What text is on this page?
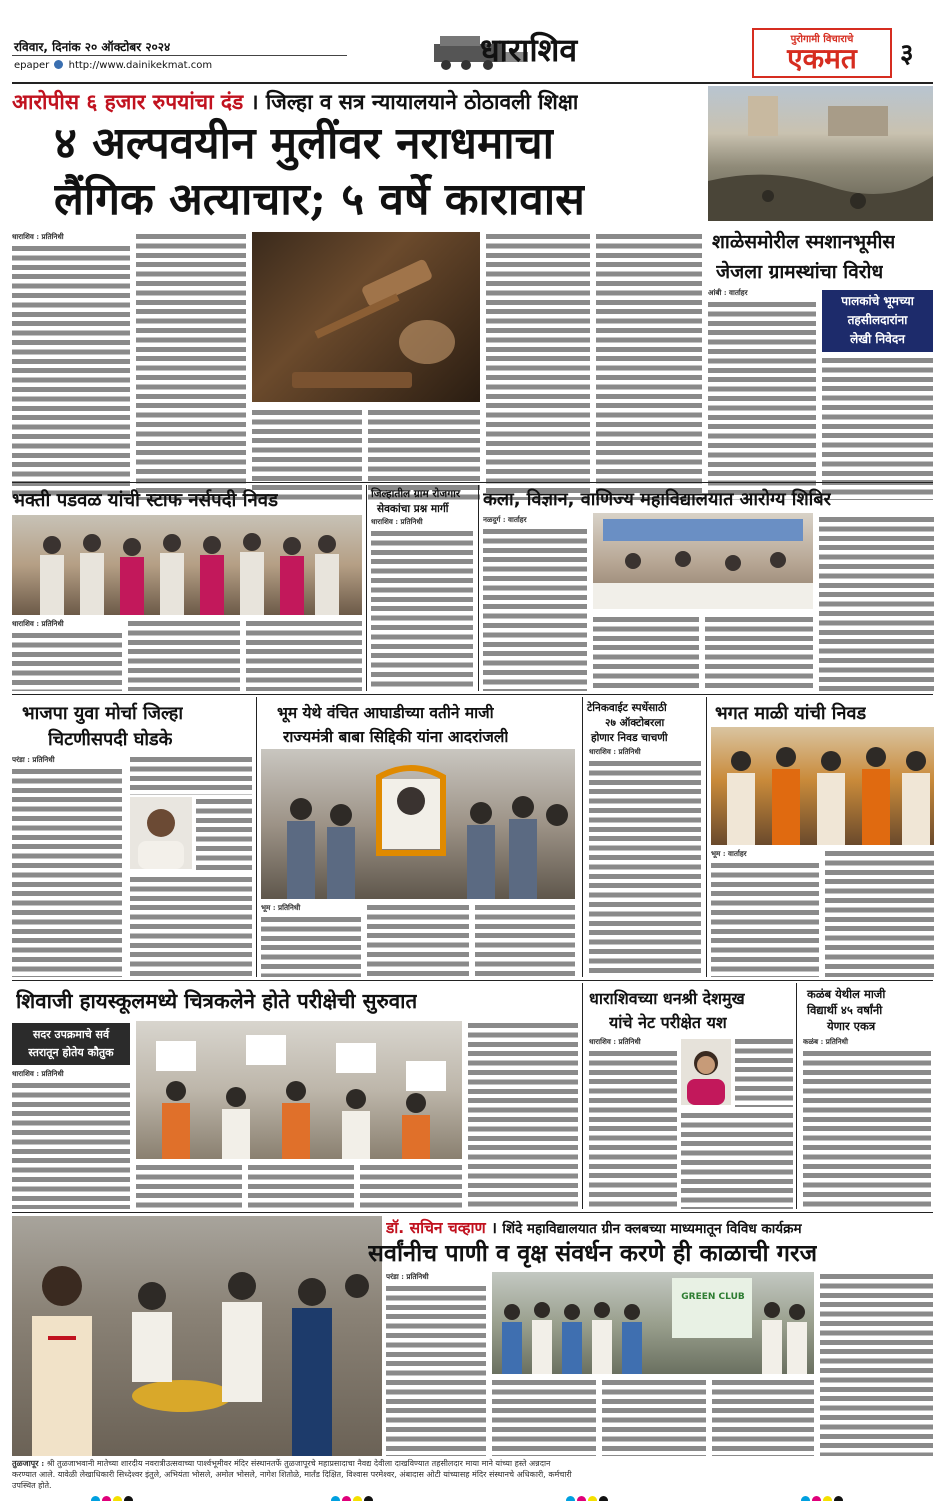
रविवार, दिनांक २० ऑक्टोबर २०२४
epaper http://www.dainikekmat.com	धाराशिव	पुरोगामी विचाराचे
एकमत	३
आरोपीस ६ हजार रुपयांचा दंड । जिल्हा व सत्र न्यायालयाने ठोठावली शिक्षा
४ अल्पवयीन मुलींवर नराधमाचा
लैंगिक अत्याचार; ५ वर्षे कारावास
धाराशिव : प्रतिनिधी	शाळेसमोरील स्मशानभूमीस
जेजला ग्रामस्थांचा विरोध
आंबी : वार्ताहर
पालकांचे भूमच्या
तहसीलदारांना
लेखी निवेदन
भक्ती पडवळ यांची स्टाफ नर्सपदी निवड
धाराशिव : प्रतिनिधी
जिल्हातील ग्राम रोजगार
सेवकांचा प्रश्न मार्गी
धाराशिव : प्रतिनिधी
कला, विज्ञान, वाणिज्य महाविद्यालयात आरोग्य शिबिर
नळदुर्ग : वार्ताहर
भाजपा युवा मोर्चा जिल्हा
चिटणीसपदी घोडके
परंडा : प्रतिनिधी
भूम येथे वंचित आघाडीच्या वतीने माजी
राज्यमंत्री बाबा सिद्दिकी यांना आदरांजली
भूम : प्रतिनिधी
टेनिकवाईट स्पर्धेसाठी
२७ ऑक्टोबरला
होणार निवड चाचणी
धाराशिव : प्रतिनिधी
भगत माळी यांची निवड
भूम : वार्ताहर
शिवाजी हायस्कूलमध्ये चित्रकलेने होते परीक्षेची सुरुवात
सदर उपक्रमाचे सर्व
स्तरातून होतेय कौतुक
धाराशिव : प्रतिनिधी
धाराशिवच्या धनश्री देशमुख
यांचे नेट परीक्षेत यश
धाराशिव : प्रतिनिधी
कळंब येथील माजी
विद्यार्थी ४५ वर्षांनी
येणार एकत्र
कळंब : प्रतिनिधी
तुळजापूर : श्री तुळजाभवानी मातेच्या शारदीय नवरात्रीउत्सवाच्या पार्श्वभूमीवर मंदिर संस्थानतर्फे तुळजापूरचे महाप्रसादाचा नैवद्य देवीला दाखविण्यात तहसीलदार माया माने यांच्या हस्ते अन्नदान करण्यात आले. यावेळी लेखाधिकारी सिध्देश्वर इंतुले, अभियंता भोसले, अमोल भोसले, नागेश शितोळे, मार्तंड दिक्षित, विश्वास परमेश्वर, अंबादास ओटी यांच्यासह मंदिर संस्थानचे अधिकारी, कर्मचारी उपस्थित होते.
डॉ. सचिन चव्हाण । शिंदे महाविद्यालयात ग्रीन क्लबच्या माध्यमातून विविध कार्यक्रम
सर्वांनीच पाणी व वृक्ष संवर्धन करणे ही काळाची गरज
परंडा : प्रतिनिधी
GREEN CLUB
